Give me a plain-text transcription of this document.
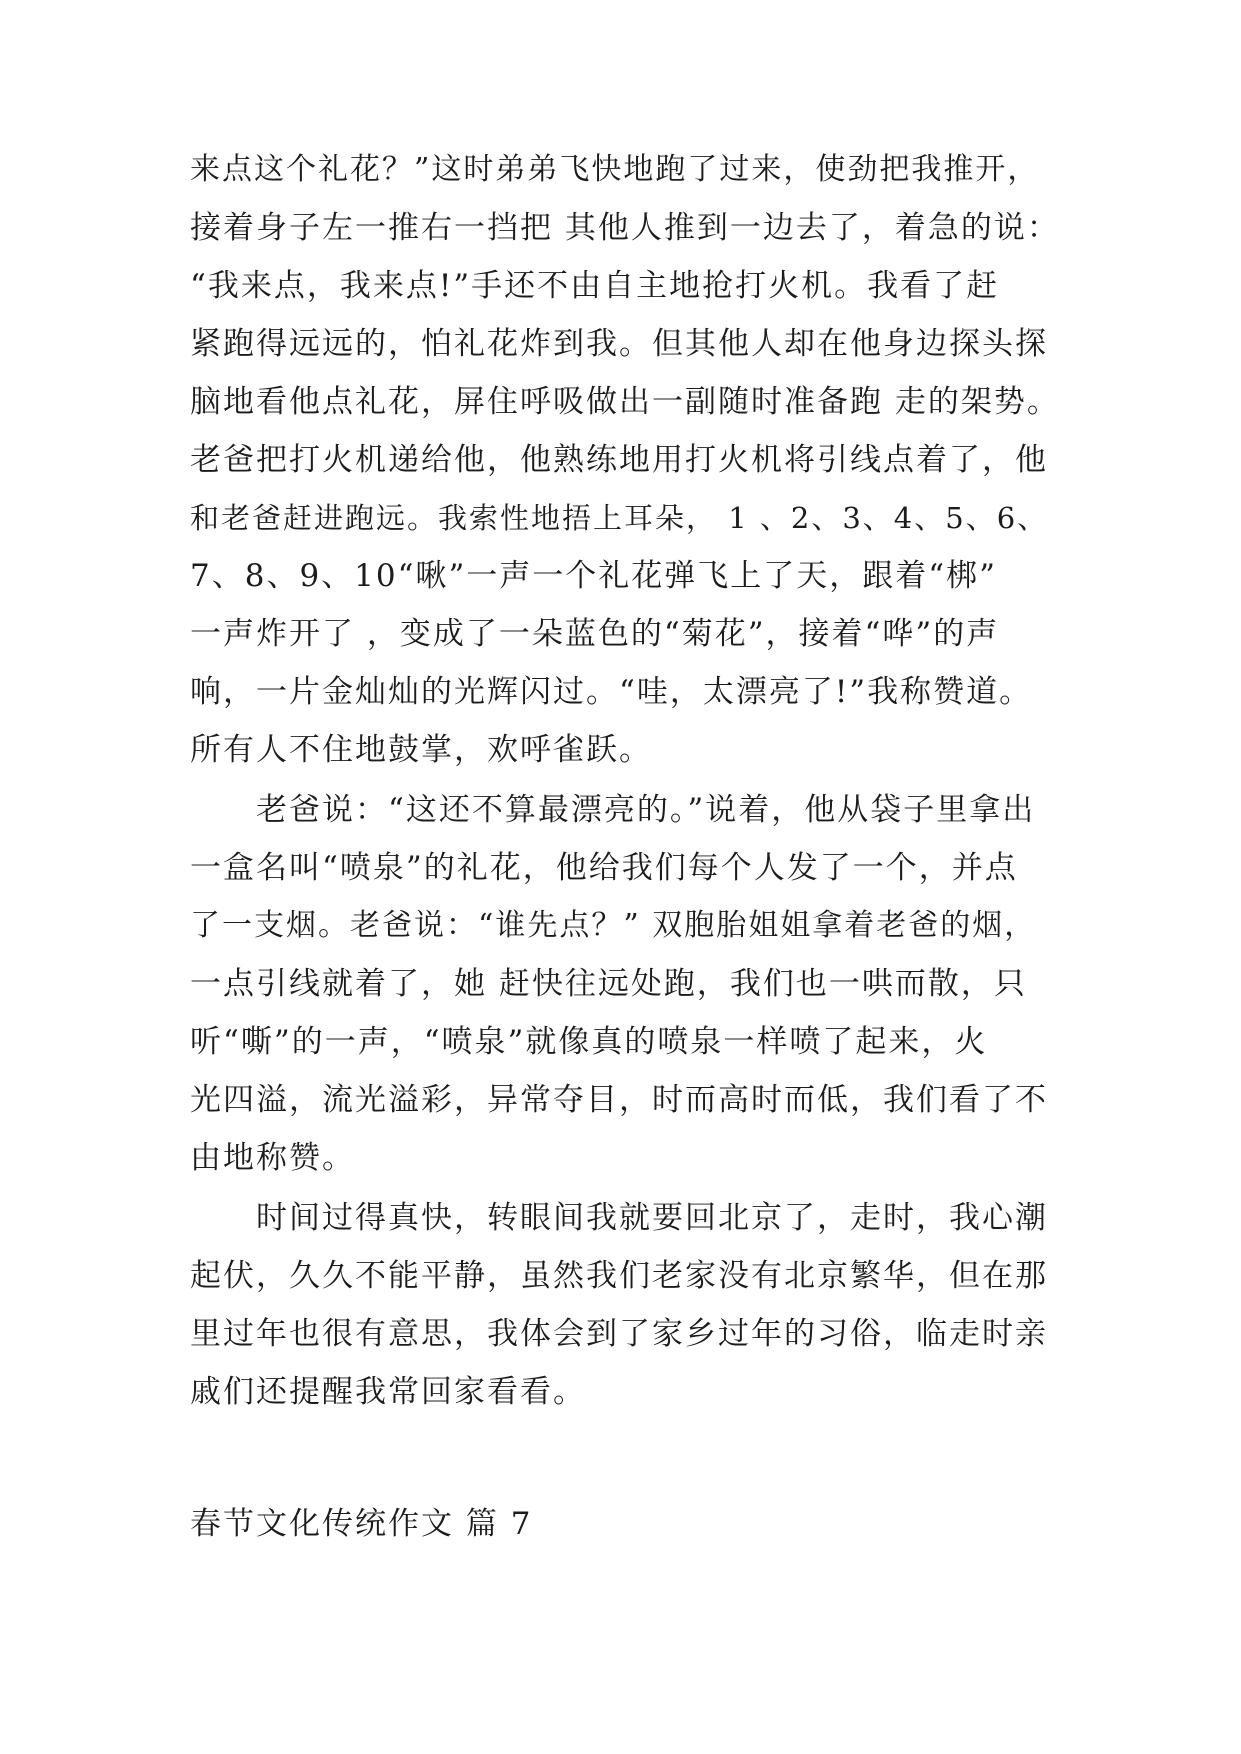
来点这个礼花？”这时弟弟飞快地跑了过来，使劲把我推开，

接着身子左一推右一挡把 其他人推到一边去了，着急的说：

“我来点，我来点!”手还不由自主地抢打火机。我看了赶

紧跑得远远的，怕礼花炸到我。但其他人却在他身边探头探

脑地看他点礼花，屏住呼吸做出一副随时准备跑 走的架势。

老爸把打火机递给他，他熟练地用打火机将引线点着了，他

和老爸赶进跑远。我索性地捂上耳朵， 1 、2、3、4、5、6、

7、8、9、10“啾”一声一个礼花弹飞上了天，跟着“梆”

一声炸开了 ，变成了一朵蓝色的“菊花”，接着“哗”的声

响，一片金灿灿的光辉闪过。“哇，太漂亮了!”我称赞道。

所有人不住地鼓掌，欢呼雀跃。

　　老爸说：“这还不算最漂亮的。”说着，他从袋子里拿出

一盒名叫“喷泉”的礼花，他给我们每个人发了一个，并点

了一支烟。老爸说：“谁先点？” 双胞胎姐姐拿着老爸的烟，

一点引线就着了，她 赶快往远处跑，我们也一哄而散，只

听“嘶”的一声，“喷泉”就像真的喷泉一样喷了起来，火

光四溢，流光溢彩，异常夺目，时而高时而低，我们看了不

由地称赞。

　　时间过得真快，转眼间我就要回北京了，走时，我心潮

起伏，久久不能平静，虽然我们老家没有北京繁华，但在那

里过年也很有意思，我体会到了家乡过年的习俗，临走时亲

戚们还提醒我常回家看看。

春节文化传统作文 篇 7
